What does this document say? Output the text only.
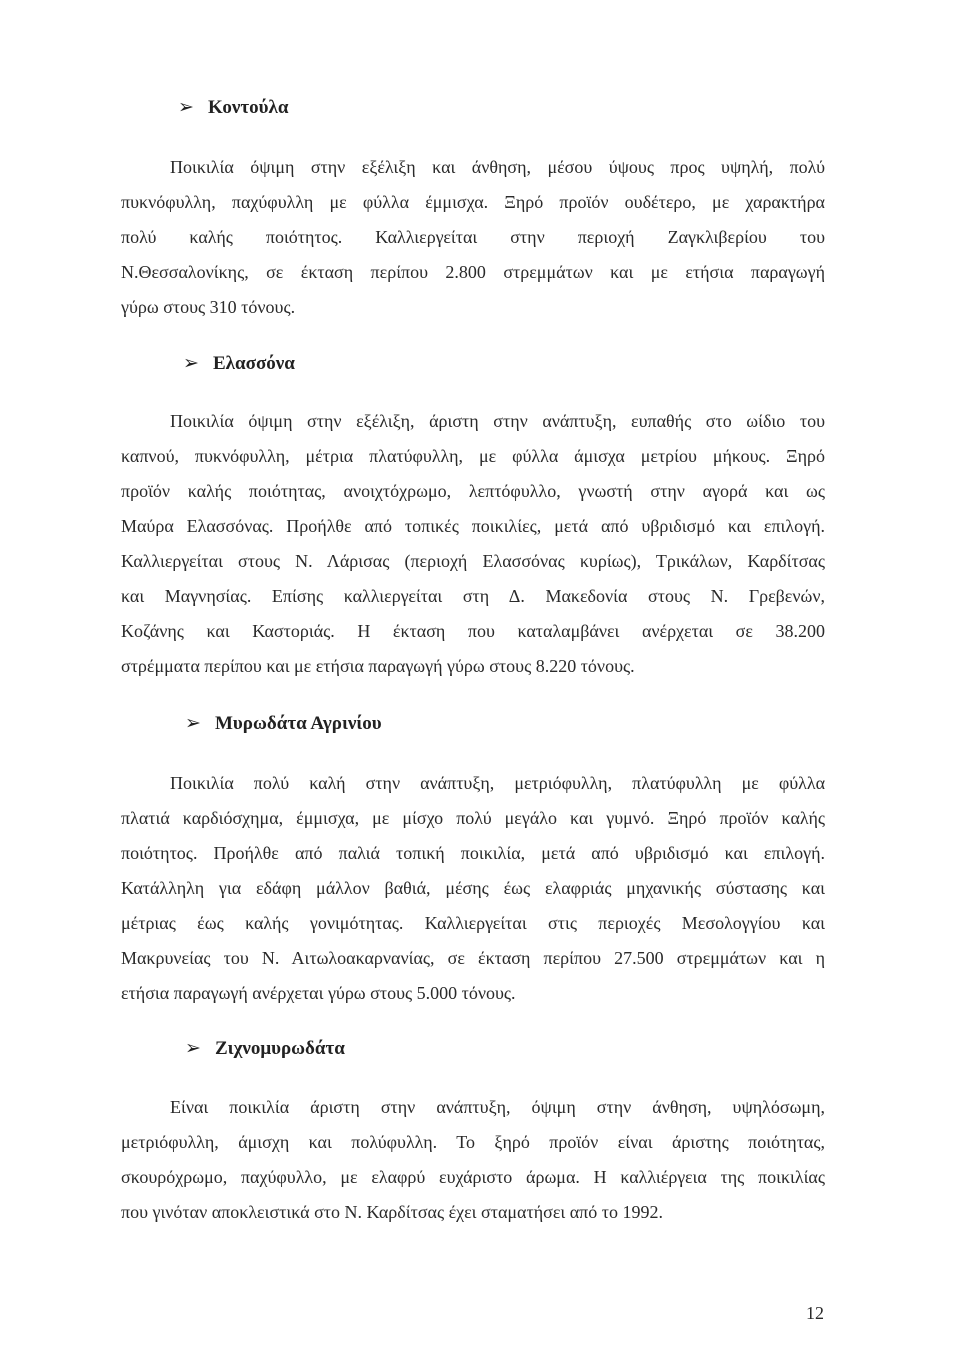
➢ Κοντούλα
Ποικιλία όψιμη στην εξέλιξη και άνθηση, μέσου ύψους προς υψηλή, πολύ
πυκνόφυλλη, παχύφυλλη με φύλλα έμμισχα. Ξηρό προϊόν ουδέτερο, με χαρακτήρα
πολύ καλής ποιότητος. Καλλιεργείται στην περιοχή Ζαγκλιβερίου του
Ν.Θεσσαλονίκης, σε έκταση περίπου 2.800 στρεμμάτων και με ετήσια παραγωγή
γύρω στους 310 τόνους.
➢ Ελασσόνα
Ποικιλία όψιμη στην εξέλιξη, άριστη στην ανάπτυξη, ευπαθής στο ωίδιο του
καπνού, πυκνόφυλλη, μέτρια πλατύφυλλη, με φύλλα άμισχα μετρίου μήκους. Ξηρό
προϊόν καλής ποιότητας, ανοιχτόχρωμο, λεπτόφυλλο, γνωστή στην αγορά και ως
Μαύρα Ελασσόνας. Προήλθε από τοπικές ποικιλίες, μετά από υβριδισμό και επιλογή.
Καλλιεργείται στους Ν. Λάρισας (περιοχή Ελασσόνας κυρίως), Τρικάλων, Καρδίτσας
και Μαγνησίας. Επίσης καλλιεργείται στη Δ. Μακεδονία στους Ν. Γρεβενών,
Κοζάνης και Καστοριάς. Η έκταση που καταλαμβάνει ανέρχεται σε 38.200
στρέμματα περίπου και με ετήσια παραγωγή γύρω στους 8.220 τόνους.
➢ Μυρωδάτα Αγρινίου
Ποικιλία πολύ καλή στην ανάπτυξη, μετριόφυλλη, πλατύφυλλη με φύλλα
πλατιά καρδιόσχημα, έμμισχα, με μίσχο πολύ μεγάλο και γυμνό. Ξηρό προϊόν καλής
ποιότητος. Προήλθε από παλιά τοπική ποικιλία, μετά από υβριδισμό και επιλογή.
Κατάλληλη για εδάφη μάλλον βαθιά, μέσης έως ελαφριάς μηχανικής σύστασης και
μέτριας έως καλής γονιμότητας. Καλλιεργείται στις περιοχές Μεσολογγίου και
Μακρυνείας του Ν. Αιτωλοακαρνανίας, σε έκταση περίπου 27.500 στρεμμάτων και η
ετήσια παραγωγή ανέρχεται γύρω στους 5.000 τόνους.
➢ Ζιχνομυρωδάτα
Είναι ποικιλία άριστη στην ανάπτυξη, όψιμη στην άνθηση, υψηλόσωμη,
μετριόφυλλη, άμισχη και πολύφυλλη. Το ξηρό προϊόν είναι άριστης ποιότητας,
σκουρόχρωμο, παχύφυλλο, με ελαφρύ ευχάριστο άρωμα. Η καλλιέργεια της ποικιλίας
που γινόταν αποκλειστικά στο Ν. Καρδίτσας έχει σταματήσει από το 1992.
12
